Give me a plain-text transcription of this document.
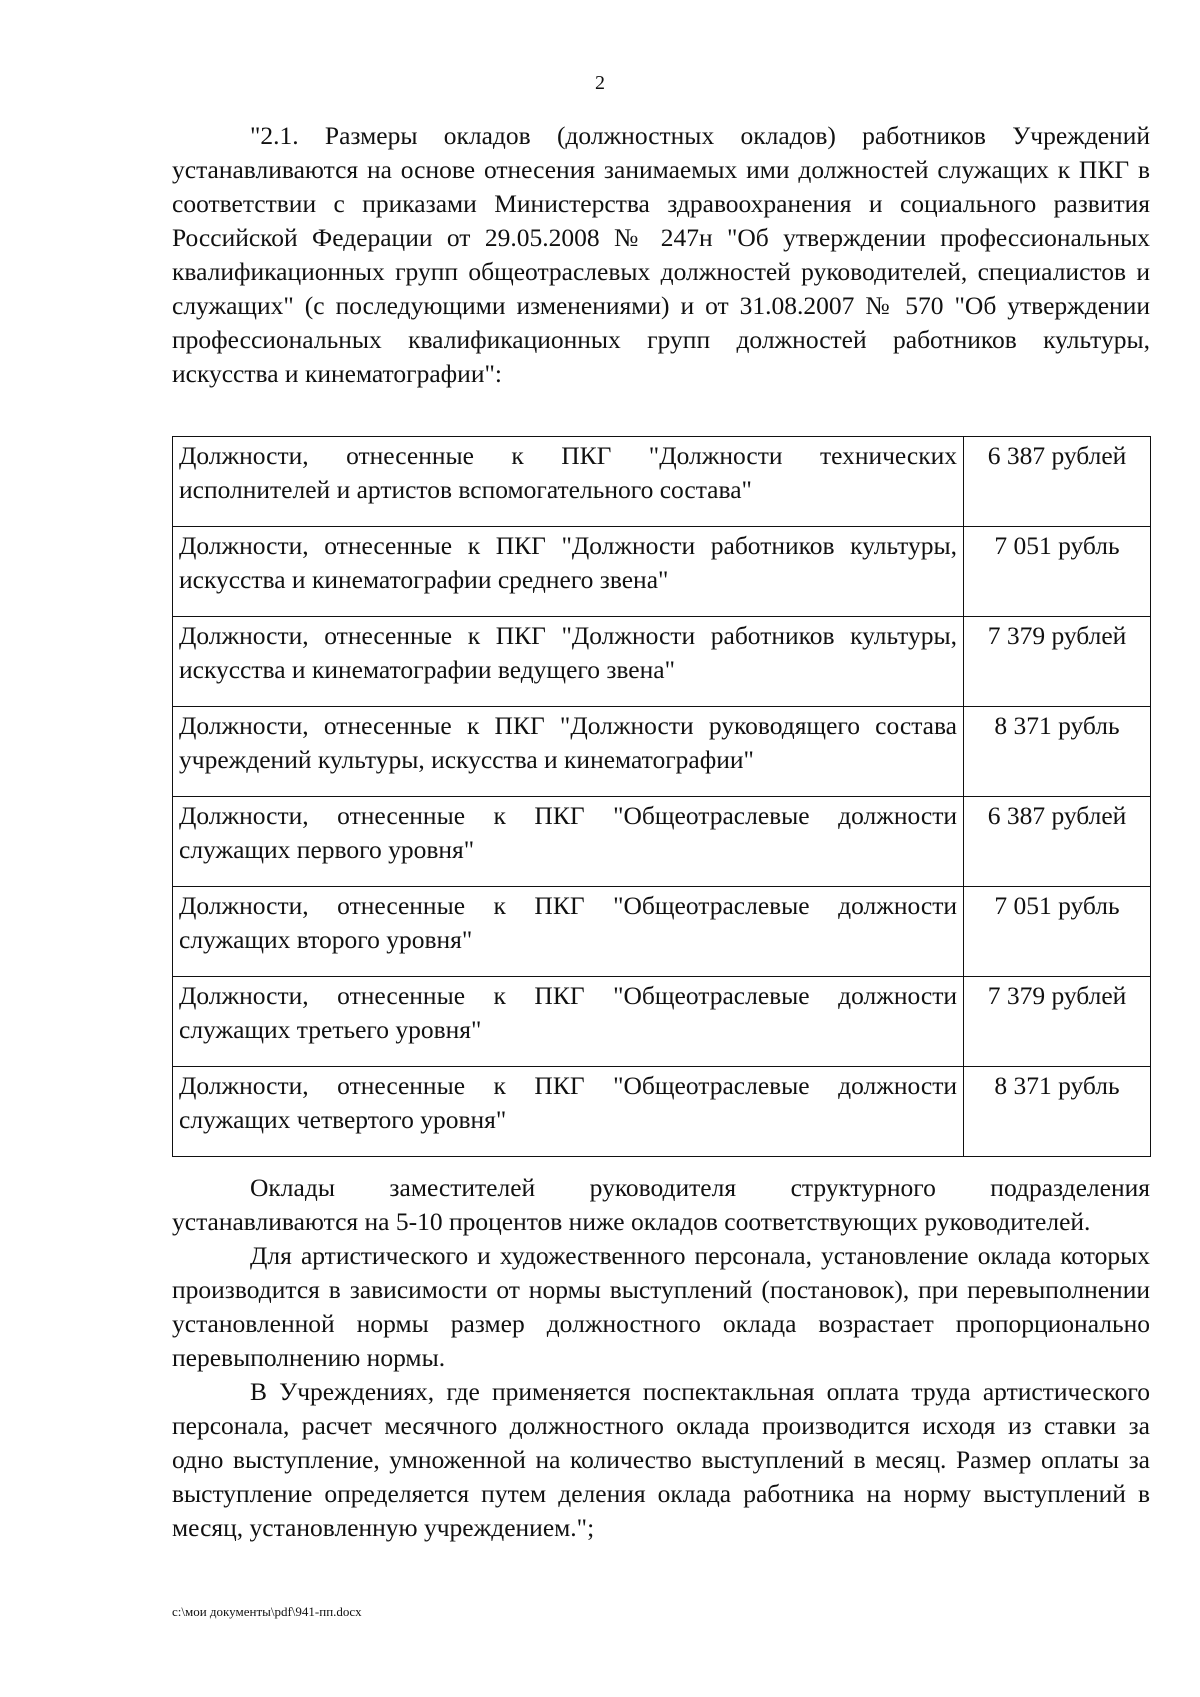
2

"2.1. Размеры окладов (должностных окладов) работников Учреждений устанавливаются на основе отнесения занимаемых ими должностей служащих к ПКГ в соответствии с приказами Министерства здравоохранения и социального развития Российской Федерации от 29.05.2008 № 247н "Об утверждении профессиональных квалификационных групп общеотраслевых должностей руководителей, специалистов и служащих" (с последующими изменениями) и от 31.08.2007 № 570 "Об утверждении профессиональных квалификационных групп должностей работников культуры, искусства и кинематографии":

Должности, отнесенные к ПКГ "Должности технических исполнителей и артистов вспомогательного состава"	6 387 рублей
Должности, отнесенные к ПКГ "Должности работников культуры, искусства и кинематографии среднего звена"	7 051 рубль
Должности, отнесенные к ПКГ "Должности работников культуры, искусства и кинематографии ведущего звена"	7 379 рублей
Должности, отнесенные к ПКГ "Должности руководящего состава учреждений культуры, искусства и кинематографии"	8 371 рубль
Должности, отнесенные к ПКГ "Общеотраслевые должности служащих первого уровня"	6 387 рублей
Должности, отнесенные к ПКГ "Общеотраслевые должности служащих второго уровня"	7 051 рубль
Должности, отнесенные к ПКГ "Общеотраслевые должности служащих третьего уровня"	7 379 рублей
Должности, отнесенные к ПКГ "Общеотраслевые должности служащих четвертого уровня"	8 371 рубль

Оклады заместителей руководителя структурного подразделения устанавливаются на 5-10 процентов ниже окладов соответствующих руководителей.

Для артистического и художественного персонала, установление оклада которых производится в зависимости от нормы выступлений (постановок), при перевыполнении установленной нормы размер должностного оклада возрастает пропорционально перевыполнению нормы.

В Учреждениях, где применяется поспектакльная оплата труда артистического персонала, расчет месячного должностного оклада производится исходя из ставки за одно выступление, умноженной на количество выступлений в месяц. Размер оплаты за выступление определяется путем деления оклада работника на норму выступлений в месяц, установленную учреждением.";

c:\мои документы\pdf\941-пп.docx
